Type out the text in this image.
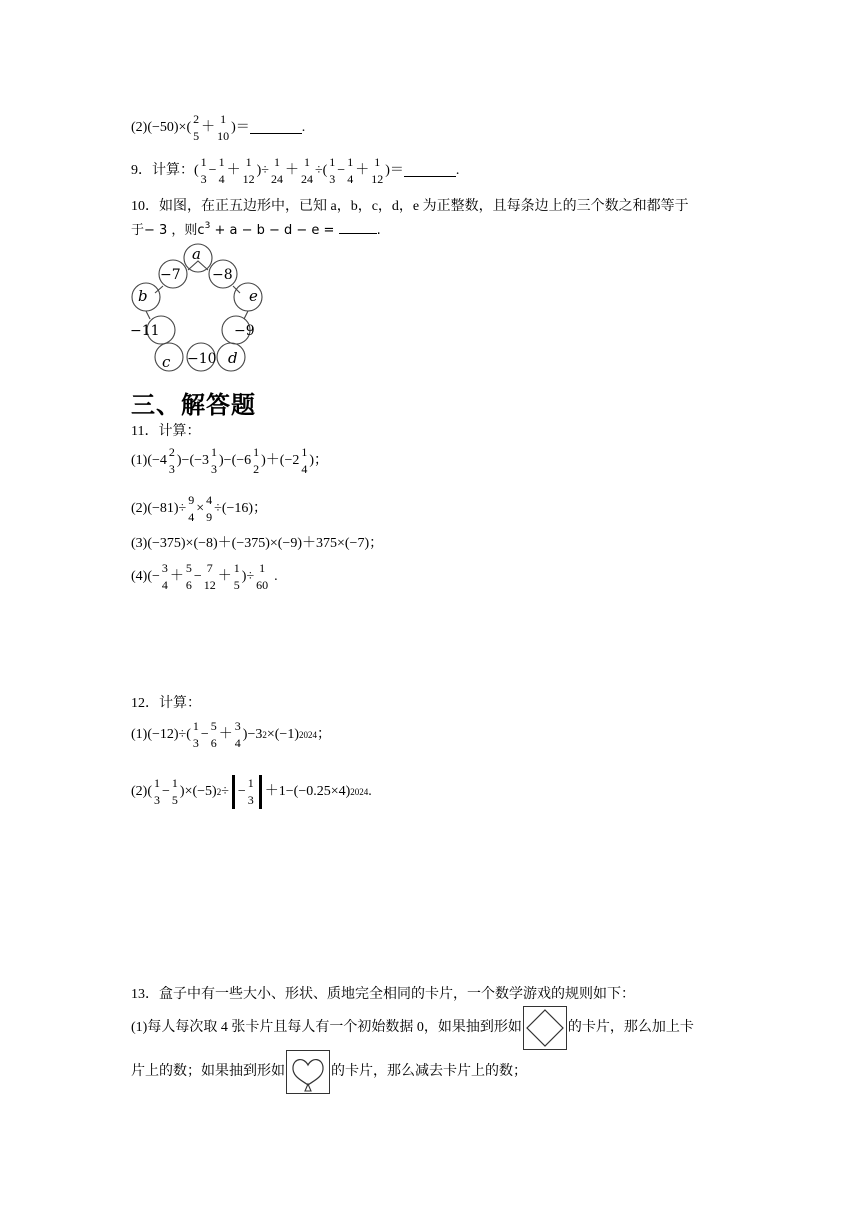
(2)(−50)×(
2
5
＋
1
10
)＝	.
9．计算：(
1
3
−
1
4
＋
1
12
)÷
1
24
＋
1
24
÷(
1
3
−
1
4
＋
1
12
)＝	.
10．如图，在正五边形中，已知 a，b，c，d，e 为正整数，且每条边上的三个数之和都等于
于− 3 ，则$c^3 + a - b - d - e$ =	.
a
−7 −8
b	e
−11	−9
c −10 d
三、解答题
11．计算：
(1)(−4
2
3
)−(−3
1
3
)−(−6
1
2
)＋(−2
1
4
)；
(2)(−81)÷
9
4
×
4
9
÷(−16)；
(3)(−375)×(−8)＋(−375)×(−9)＋375×(−7)；
(4)(−
3
4
＋
5
6
−
7
12
＋
1
5
)÷
1
60
.
12．计算：
(1)(−12)÷(
1
3
−
5
6
＋
3
4
)−3 2 ×(−1) 2024 ；
(2)(
1
3
−
1
5
)×(−5) 2 ÷ −
1
3
＋1−(−0.25×4) 2024 .
13．盒子中有一些大小、形状、质地完全相同的卡片，一个数学游戏的规则如下：
(1)每人每次取 4 张卡片且每人有一个初始数据 0，如果抽到形如	的卡片，那么加上卡
片上的数；如果抽到形如	的卡片，那么减去卡片上的数；
